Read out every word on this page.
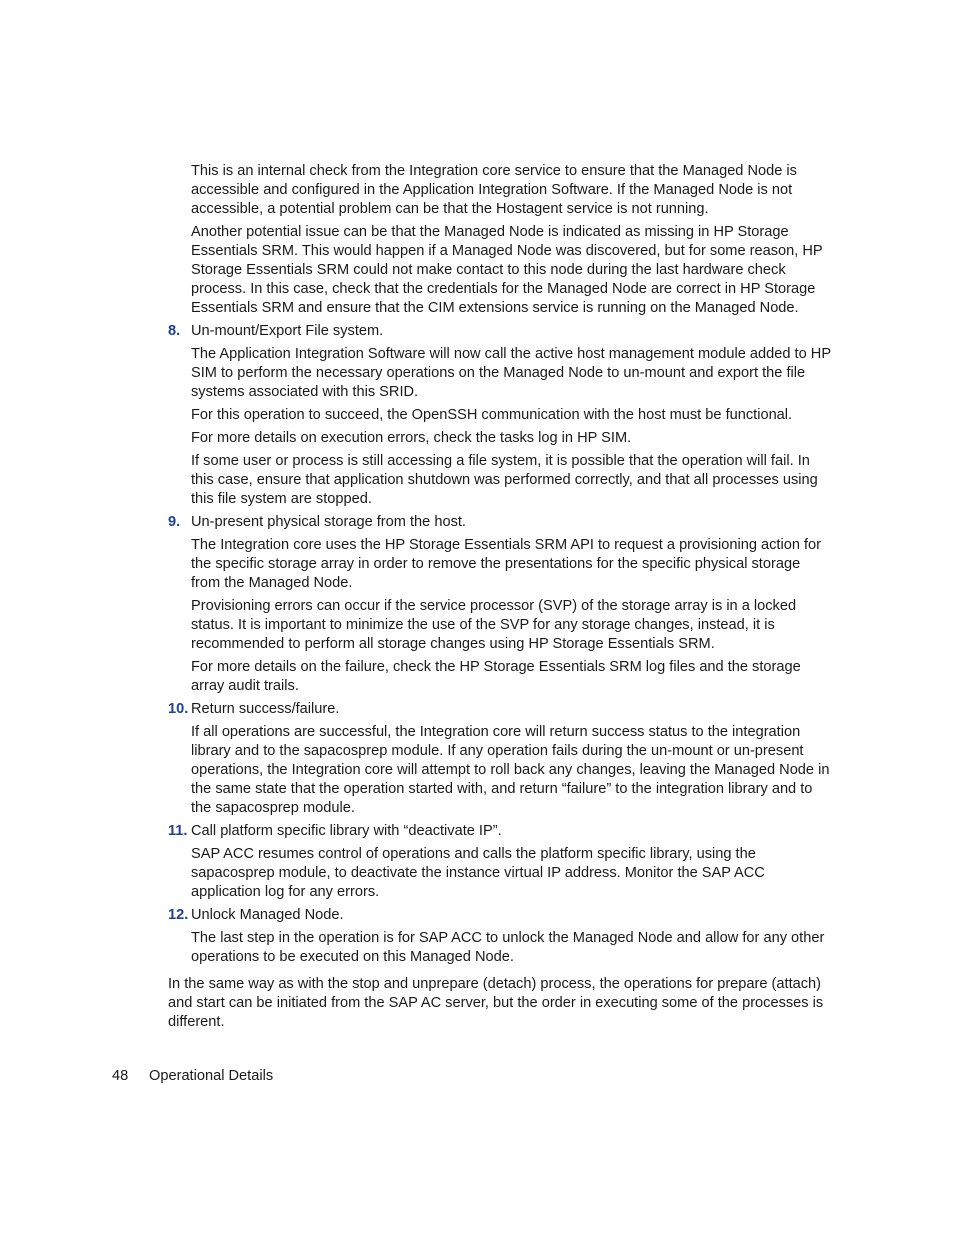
This is an internal check from the Integration core service to ensure that the Managed Node is accessible and configured in the Application Integration Software. If the Managed Node is not accessible, a potential problem can be that the Hostagent service is not running.

Another potential issue can be that the Managed Node is indicated as missing in HP Storage Essentials SRM. This would happen if a Managed Node was discovered, but for some reason, HP Storage Essentials SRM could not make contact to this node during the last hardware check process. In this case, check that the credentials for the Managed Node are correct in HP Storage Essentials SRM and ensure that the CIM extensions service is running on the Managed Node.

8. Un-mount/Export File system.

The Application Integration Software will now call the active host management module added to HP SIM to perform the necessary operations on the Managed Node to un-mount and export the file systems associated with this SRID.

For this operation to succeed, the OpenSSH communication with the host must be functional.

For more details on execution errors, check the tasks log in HP SIM.

If some user or process is still accessing a file system, it is possible that the operation will fail. In this case, ensure that application shutdown was performed correctly, and that all processes using this file system are stopped.

9. Un-present physical storage from the host.

The Integration core uses the HP Storage Essentials SRM API to request a provisioning action for the specific storage array in order to remove the presentations for the specific physical storage from the Managed Node.

Provisioning errors can occur if the service processor (SVP) of the storage array is in a locked status. It is important to minimize the use of the SVP for any storage changes, instead, it is recommended to perform all storage changes using HP Storage Essentials SRM.

For more details on the failure, check the HP Storage Essentials SRM log files and the storage array audit trails.

10. Return success/failure.

If all operations are successful, the Integration core will return success status to the integration library and to the sapacosprep module. If any operation fails during the un-mount or un-present operations, the Integration core will attempt to roll back any changes, leaving the Managed Node in the same state that the operation started with, and return “failure” to the integration library and to the sapacosprep module.

11. Call platform specific library with “deactivate IP”.

SAP ACC resumes control of operations and calls the platform specific library, using the sapacosprep module, to deactivate the instance virtual IP address. Monitor the SAP ACC application log for any errors.

12. Unlock Managed Node.

The last step in the operation is for SAP ACC to unlock the Managed Node and allow for any other operations to be executed on this Managed Node.

In the same way as with the stop and unprepare (detach) process, the operations for prepare (attach) and start can be initiated from the SAP AC server, but the order in executing some of the processes is different.

48 Operational Details
